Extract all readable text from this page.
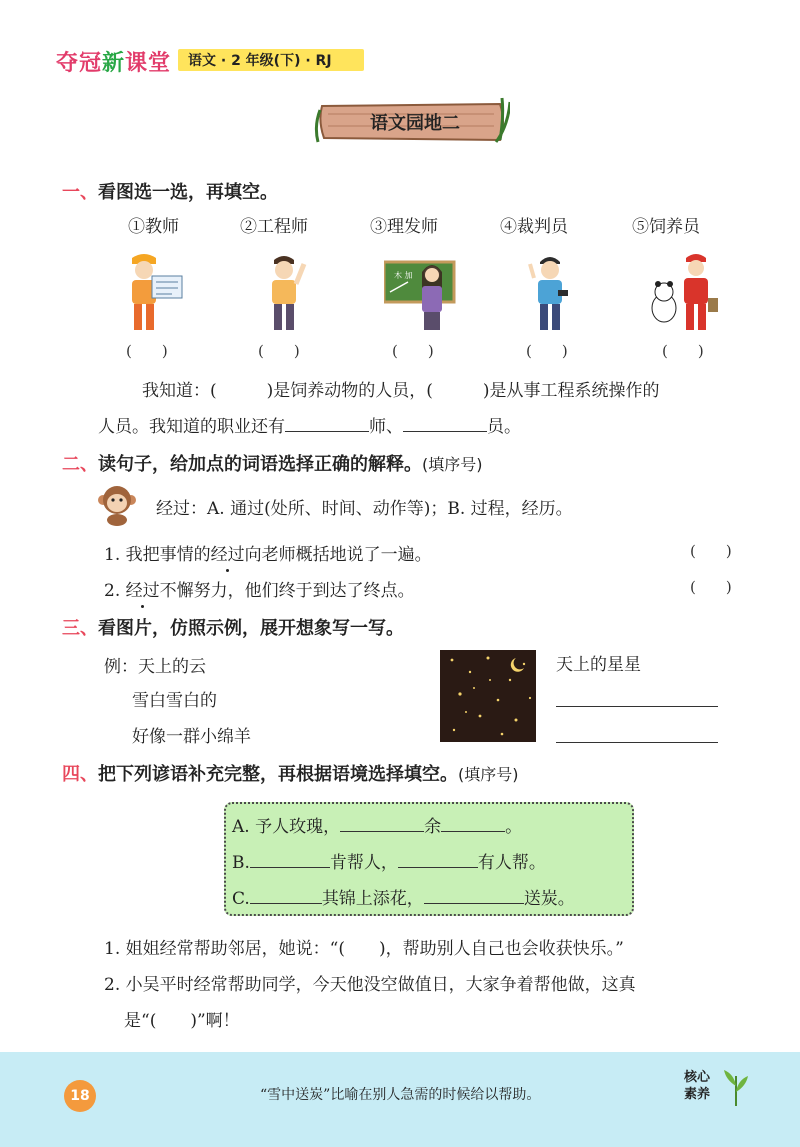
夺冠新课堂 语文 · 2 年级(下) · RJ
语文园地二
一、看图选一选，再填空。
①教师	②工程师	③理发师	④裁判员	⑤饲养员
木 加
(　　)	(　　)	(　　)	(　　)	(　　)
我知道：(	)是饲养动物的人员，(	)是从事工程系统操作的
人员。我知道的职业还有	师、	员。
二、读句子，给加点的词语选择正确的解释。(填序号)
经过：A. 通过(处所、时间、动作等)；B. 过程，经历。
1. 我把事情的经过向老师概括地说了一遍。	(　　)
2. 经过不懈努力，他们终于到达了终点。	(　　)
三、看图片，仿照示例，展开想象写一写。
例：天上的云
雪白雪白的
好像一群小绵羊
天上的星星
四、把下列谚语补充完整，再根据语境选择填空。(填序号)
A. 予人玫瑰，	余	。
B.	肯帮人，	有人帮。
C.	其锦上添花，	送炭。
1. 姐姐经常帮助邻居，她说：“(　　)，帮助别人自己也会收获快乐。”
2. 小吴平时经常帮助同学，今天他没空做值日，大家争着帮他做，这真
是“(　　)”啊！
18	“雪中送炭”比喻在别人急需的时候给以帮助。
核心
素养
